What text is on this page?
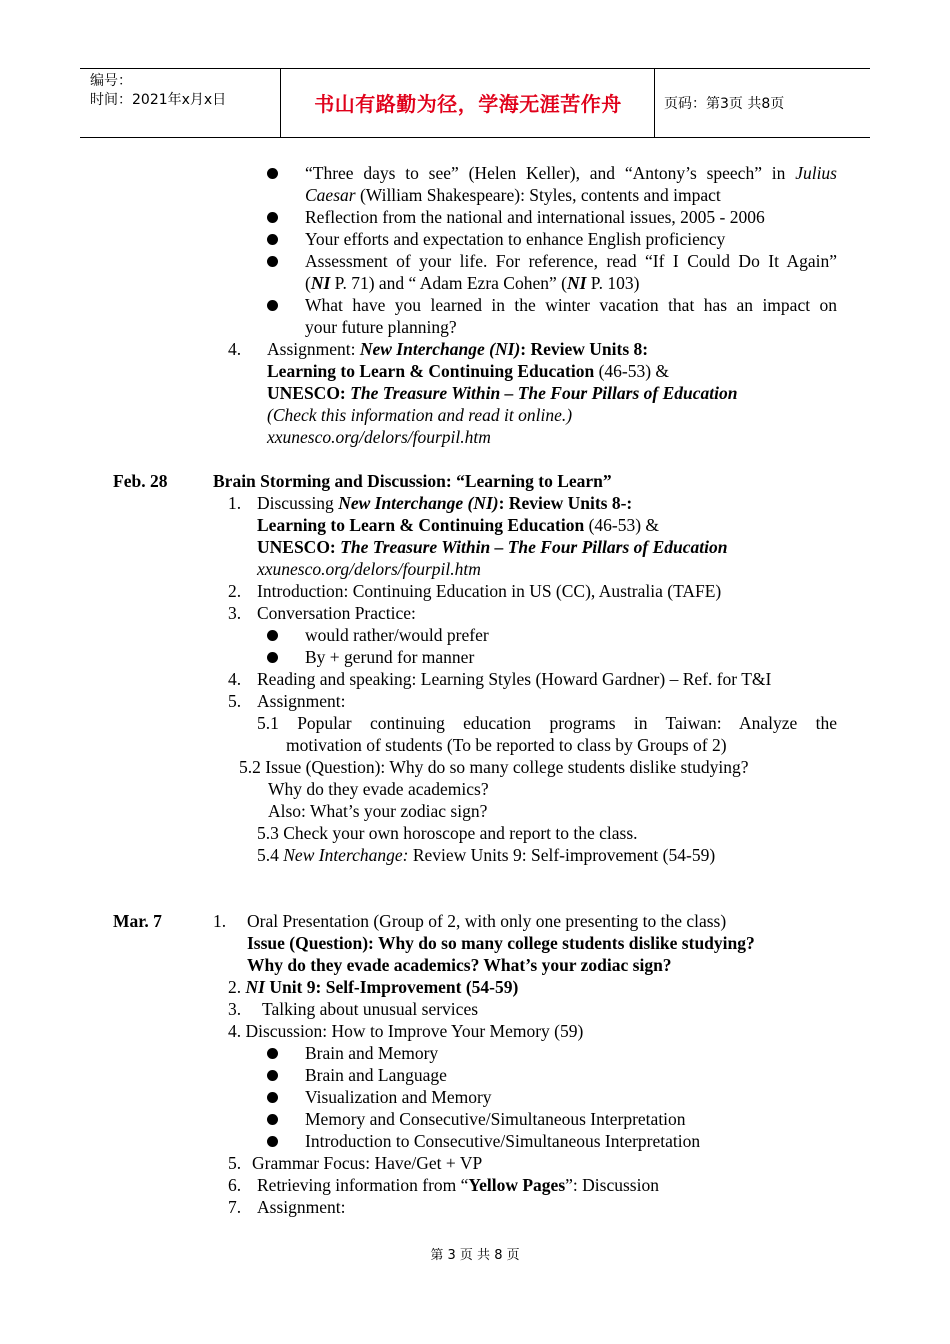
编号：
时间：2021年x月x日	书山有路勤为径，学海无涯苦作舟	页码：第3页 共8页
“Three days to see” (Helen Keller), and “Antony’s speech” in Julius
Caesar (William Shakespeare): Styles, contents and impact
Reflection from the national and international issues, 2005 - 2006
Your efforts and expectation to enhance English proficiency
Assessment of your life. For reference, read “If I Could Do It Again”
(NI P. 71) and “ Adam Ezra Cohen” (NI P. 103)
What have you learned in the winter vacation that has an impact on
your future planning?
4. Assignment: New Interchange (NI): Review Units 8:
Learning to Learn & Continuing Education (46-53) &
UNESCO: The Treasure Within – The Four Pillars of Education
(Check this information and read it online.)
xxunesco.org/delors/fourpil.htm
Feb. 28	Brain Storming and Discussion: “Learning to Learn”
1. Discussing New Interchange (NI): Review Units 8-:
Learning to Learn & Continuing Education (46-53) &
UNESCO: The Treasure Within – The Four Pillars of Education
xxunesco.org/delors/fourpil.htm
2. Introduction: Continuing Education in US (CC), Australia (TAFE)
3. Conversation Practice:
would rather/would prefer
By + gerund for manner
4. Reading and speaking: Learning Styles (Howard Gardner) – Ref. for T&I
5. Assignment:
5.1 Popular continuing education programs in Taiwan: Analyze the
motivation of students (To be reported to class by Groups of 2)
5.2 Issue (Question): Why do so many college students dislike studying?
Why do they evade academics?
Also: What’s your zodiac sign?
5.3 Check your own horoscope and report to the class.
5.4 New Interchange: Review Units 9: Self-improvement (54-59)
Mar. 7	1. Oral Presentation (Group of 2, with only one presenting to the class)
Issue (Question): Why do so many college students dislike studying?
Why do they evade academics? What’s your zodiac sign?
2. NI Unit 9: Self-Improvement (54-59)
3. Talking about unusual services
4. Discussion: How to Improve Your Memory (59)
Brain and Memory
Brain and Language
Visualization and Memory
Memory and Consecutive/Simultaneous Interpretation
Introduction to Consecutive/Simultaneous Interpretation
5. Grammar Focus: Have/Get + VP
6. Retrieving information from “Yellow Pages”: Discussion
7. Assignment:
第 3 页 共 8 页
